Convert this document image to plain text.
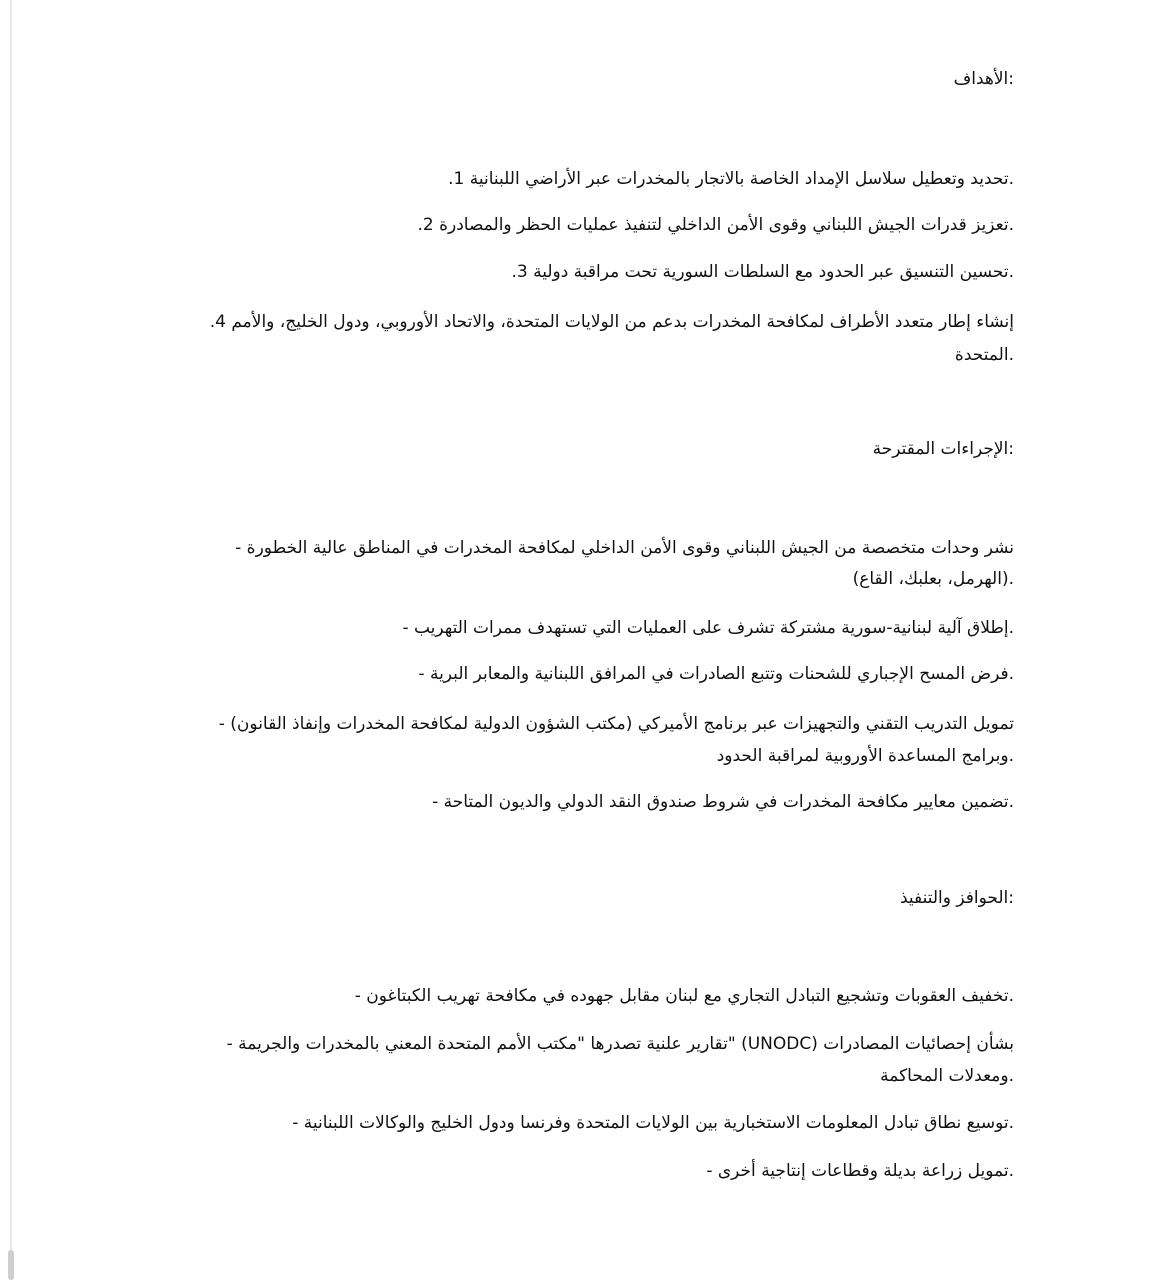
:الأهداف
.تحديد وتعطيل سلاسل الإمداد الخاصة بالاتجار بالمخدرات عبر الأراضي اللبنانية 1.
.تعزيز قدرات الجيش اللبناني وقوى الأمن الداخلي لتنفيذ عمليات الحظر والمصادرة 2.
.تحسين التنسيق عبر الحدود مع السلطات السورية تحت مراقبة دولية 3.
إنشاء إطار متعدد الأطراف لمكافحة المخدرات بدعم من الولايات المتحدة، والاتحاد الأوروبي، ودول الخليج، والأمم 4.
.المتحدة
:الإجراءات المقترحة
نشر وحدات متخصصة من الجيش اللبناني وقوى الأمن الداخلي لمكافحة المخدرات في المناطق عالية الخطورة -
.(الهرمل، بعلبك، القاع)
.إطلاق آلية لبنانية-سورية مشتركة تشرف على العمليات التي تستهدف ممرات التهريب -
.فرض المسح الإجباري للشحنات وتتبع الصادرات في المرافق اللبنانية والمعابر البرية -
تمويل التدريب التقني والتجهيزات عبر برنامج الأميركي (مكتب الشؤون الدولية لمكافحة المخدرات وإنفاذ القانون) -
.وبرامج المساعدة الأوروبية لمراقبة الحدود
.تضمين معايير مكافحة المخدرات في شروط صندوق النقد الدولي والديون المتاحة -
:الحوافز والتنفيذ
.تخفيف العقوبات وتشجيع التبادل التجاري مع لبنان مقابل جهوده في مكافحة تهريب الكبتاغون -
بشأن إحصائيات المصادرات (UNODC) "تقارير علنية تصدرها "مكتب الأمم المتحدة المعني بالمخدرات والجريمة -
.ومعدلات المحاكمة
.توسيع نطاق تبادل المعلومات الاستخبارية بين الولايات المتحدة وفرنسا ودول الخليج والوكالات اللبنانية -
.تمويل زراعة بديلة وقطاعات إنتاجية أخرى -
